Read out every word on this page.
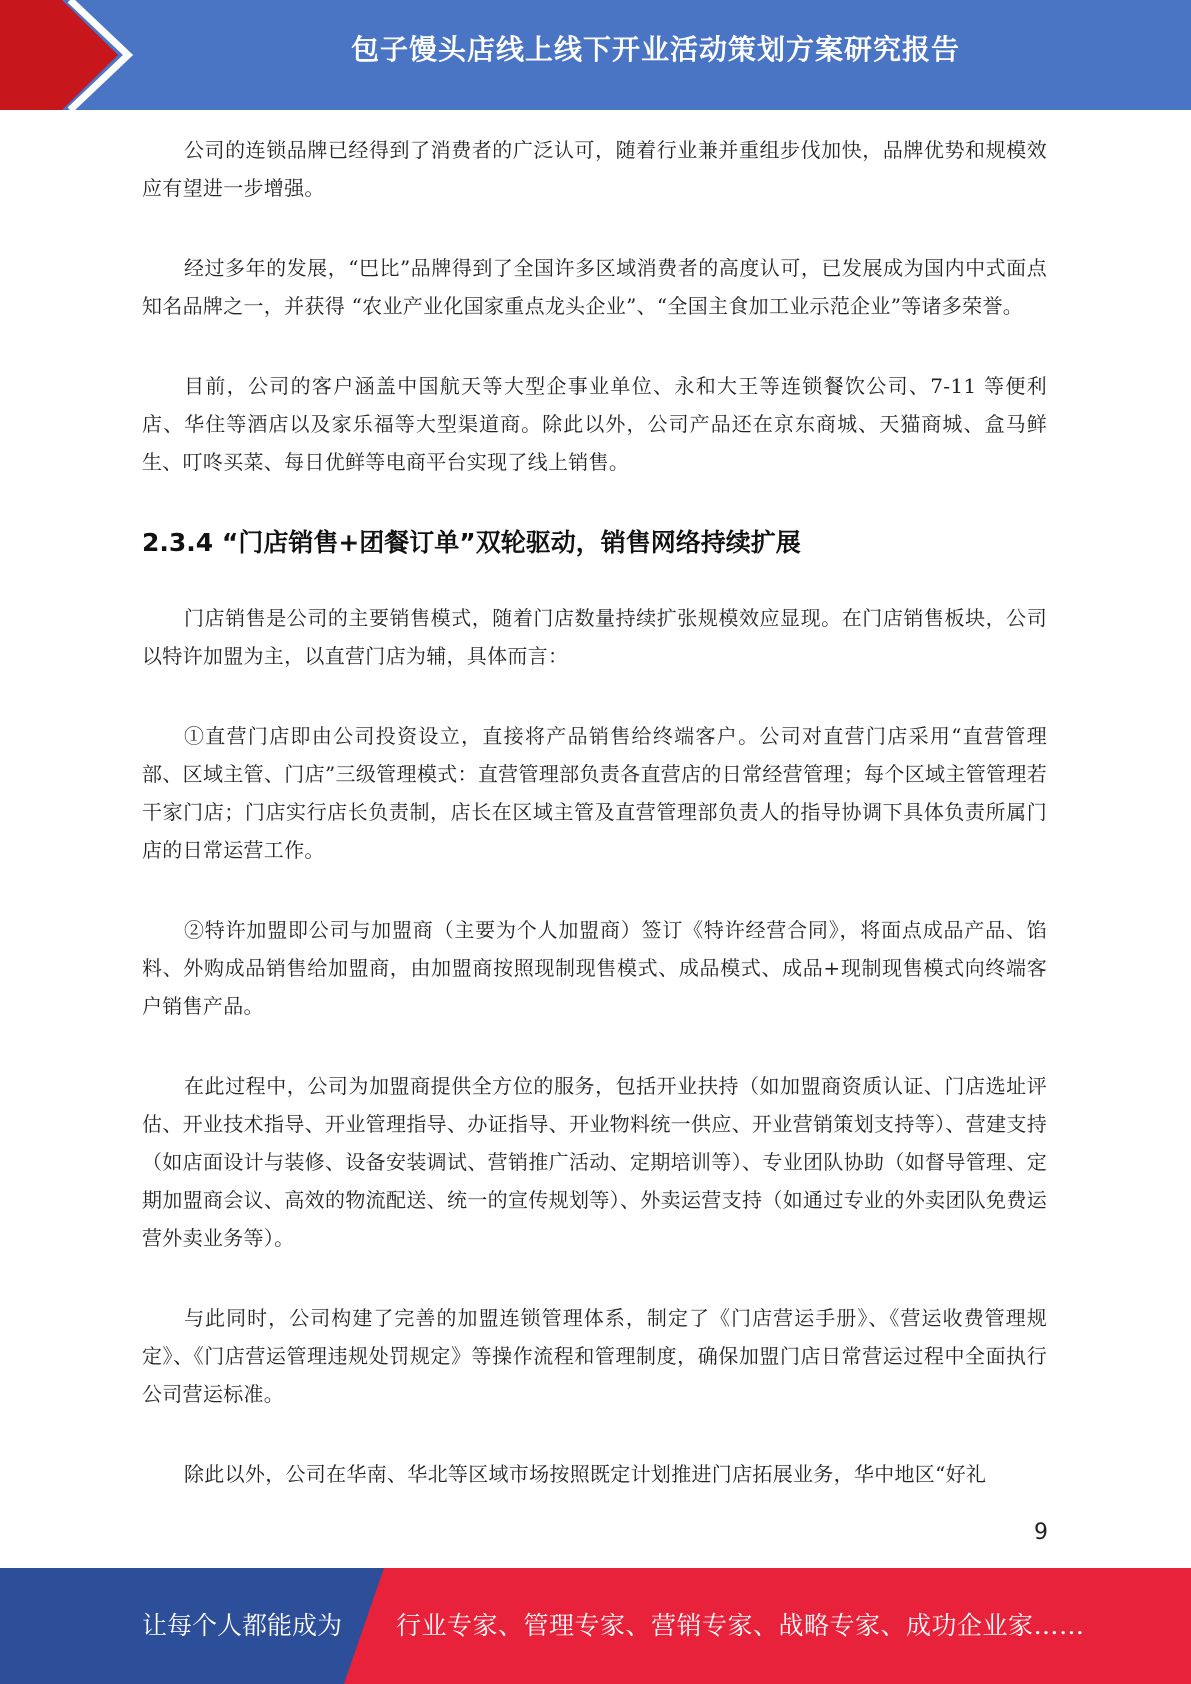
包子馒头店线上线下开业活动策划方案研究报告

公司的连锁品牌已经得到了消费者的广泛认可，随着行业兼并重组步伐加快，品牌优势和规模效应有望进一步增强。

经过多年的发展，“巴比”品牌得到了全国许多区域消费者的高度认可，已发展成为国内中式面点知名品牌之一，并获得 “农业产业化国家重点龙头企业”、“全国主食加工业示范企业”等诸多荣誉。

目前，公司的客户涵盖中国航天等大型企事业单位、永和大王等连锁餐饮公司、7-11 等便利店、华住等酒店以及家乐福等大型渠道商。除此以外，公司产品还在京东商城、天猫商城、盒马鲜生、叮咚买菜、每日优鲜等电商平台实现了线上销售。

2.3.4 “门店销售+团餐订单”双轮驱动，销售网络持续扩展

门店销售是公司的主要销售模式，随着门店数量持续扩张规模效应显现。在门店销售板块，公司以特许加盟为主，以直营门店为辅，具体而言：

①直营门店即由公司投资设立，直接将产品销售给终端客户。公司对直营门店采用“直营管理部、区域主管、门店”三级管理模式：直营管理部负责各直营店的日常经营管理；每个区域主管管理若干家门店；门店实行店长负责制，店长在区域主管及直营管理部负责人的指导协调下具体负责所属门店的日常运营工作。

②特许加盟即公司与加盟商（主要为个人加盟商）签订《特许经营合同》，将面点成品产品、馅料、外购成品销售给加盟商，由加盟商按照现制现售模式、成品模式、成品+现制现售模式向终端客户销售产品。

在此过程中，公司为加盟商提供全方位的服务，包括开业扶持（如加盟商资质认证、门店选址评估、开业技术指导、开业管理指导、办证指导、开业物料统一供应、开业营销策划支持等）、营建支持（如店面设计与装修、设备安装调试、营销推广活动、定期培训等）、专业团队协助（如督导管理、定期加盟商会议、高效的物流配送、统一的宣传规划等）、外卖运营支持（如通过专业的外卖团队免费运营外卖业务等）。

与此同时，公司构建了完善的加盟连锁管理体系，制定了《门店营运手册》、《营运收费管理规定》、《门店营运管理违规处罚规定》等操作流程和管理制度，确保加盟门店日常营运过程中全面执行公司营运标准。

除此以外，公司在华南、华北等区域市场按照既定计划推进门店拓展业务，华中地区“好礼

9
让每个人都能成为 行业专家、管理专家、营销专家、战略专家、成功企业家……
